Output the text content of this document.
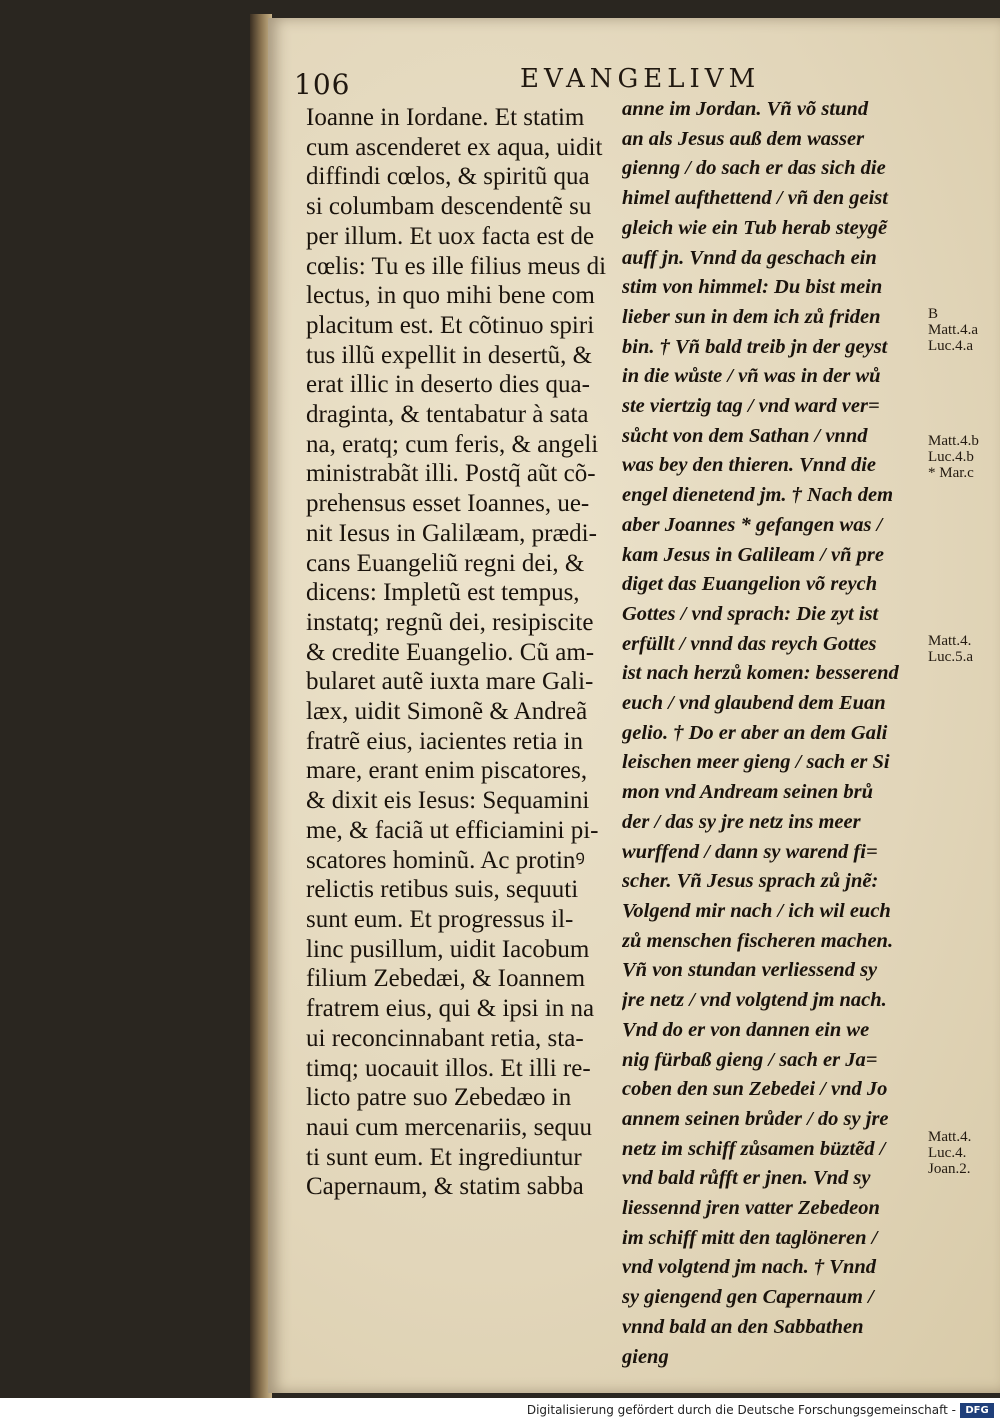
106	EVANGELIVM
Ioanne in Iordane. Et statim
cum ascenderet ex aqua, uidit
diffindi cœlos, & spiritũ qua
si columbam descendentẽ su
per illum. Et uox facta est de
cœlis: Tu es ille filius meus di
lectus, in quo mihi bene com
placitum est. Et cõtinuo spiri
tus illũ expellit in desertũ, &
erat illic in deserto dies qua-
draginta, & tentabatur à sata
na, eratq; cum feris, & angeli
ministrabãt illi. Postq̃ aũt cõ-
prehensus esset Ioannes, ue-
nit Iesus in Galilæam, prædi-
cans Euangeliũ regni dei, &
dicens: Impletũ est tempus,
instatq; regnũ dei, resipiscite
& credite Euangelio. Cũ am-
bularet autẽ iuxta mare Gali-
læx, uidit Simonẽ & Andreã
fratrẽ eius, iacientes retia in
mare, erant enim piscatores,
& dixit eis Iesus: Sequamini
me, & faciã ut efficiamini pi-
scatores hominũ. Ac protinꝰ
relictis retibus suis, sequuti
sunt eum. Et progressus il-
linc pusillum, uidit Iacobum
filium Zebedæi, & Ioannem
fratrem eius, qui & ipsi in na
ui reconcinnabant retia, sta-
timq; uocauit illos. Et illi re-
licto patre suo Zebedæo in
naui cum mercenariis, sequu
ti sunt eum. Et ingrediuntur
Capernaum, & statim sabba
anne im Jordan. Vñ võ stund
an als Jesus auß dem wasser
gienng / do sach er das sich die
himel aufthettend / vñ den geist
gleich wie ein Tub herab steygẽ
auff jn. Vnnd da geschach ein
stim von himmel: Du bist mein
lieber sun in dem ich zů friden
bin. † Vñ bald treib jn der geyst
in die wůste / vñ was in der wů
ste viertzig tag / vnd ward ver=
sůcht von dem Sathan / vnnd
was bey den thieren. Vnnd die
engel dienetend jm. † Nach dem
aber Joannes * gefangen was /
kam Jesus in Galileam / vñ pre
diget das Euangelion võ reych
Gottes / vnd sprach: Die zyt ist
erfüllt / vnnd das reych Gottes
ist nach herzů komen: besserend
euch / vnd glaubend dem Euan
gelio. † Do er aber an dem Gali
leischen meer gieng / sach er Si
mon vnd Andream seinen brů
der / das sy jre netz ins meer
wurffend / dann sy warend fi=
scher. Vñ Jesus sprach zů jnẽ:
Volgend mir nach / ich wil euch
zů menschen fischeren machen.
Vñ von stundan verliessend sy
jre netz / vnd volgtend jm nach.
Vnd do er von dannen ein we
nig fürbaß gieng / sach er Ja=
coben den sun Zebedei / vnd Jo
annem seinen brůder / do sy jre
netz im schiff zůsamen büztẽd /
vnd bald růfft er jnen. Vnd sy
liessennd jren vatter Zebedeon
im schiff mitt den taglöneren /
vnd volgtend jm nach. † Vnnd
sy giengend gen Capernaum /
vnnd bald an den Sabbathen
gieng
B
Matt.4.a
Luc.4.a
Matt.4.b
Luc.4.b
* Mar.c
Matt.4.
Luc.5.a
Matt.4.
Luc.4.
Joan.2.
Digitalisierung gefördert durch die Deutsche Forschungsgemeinschaft - DFG
